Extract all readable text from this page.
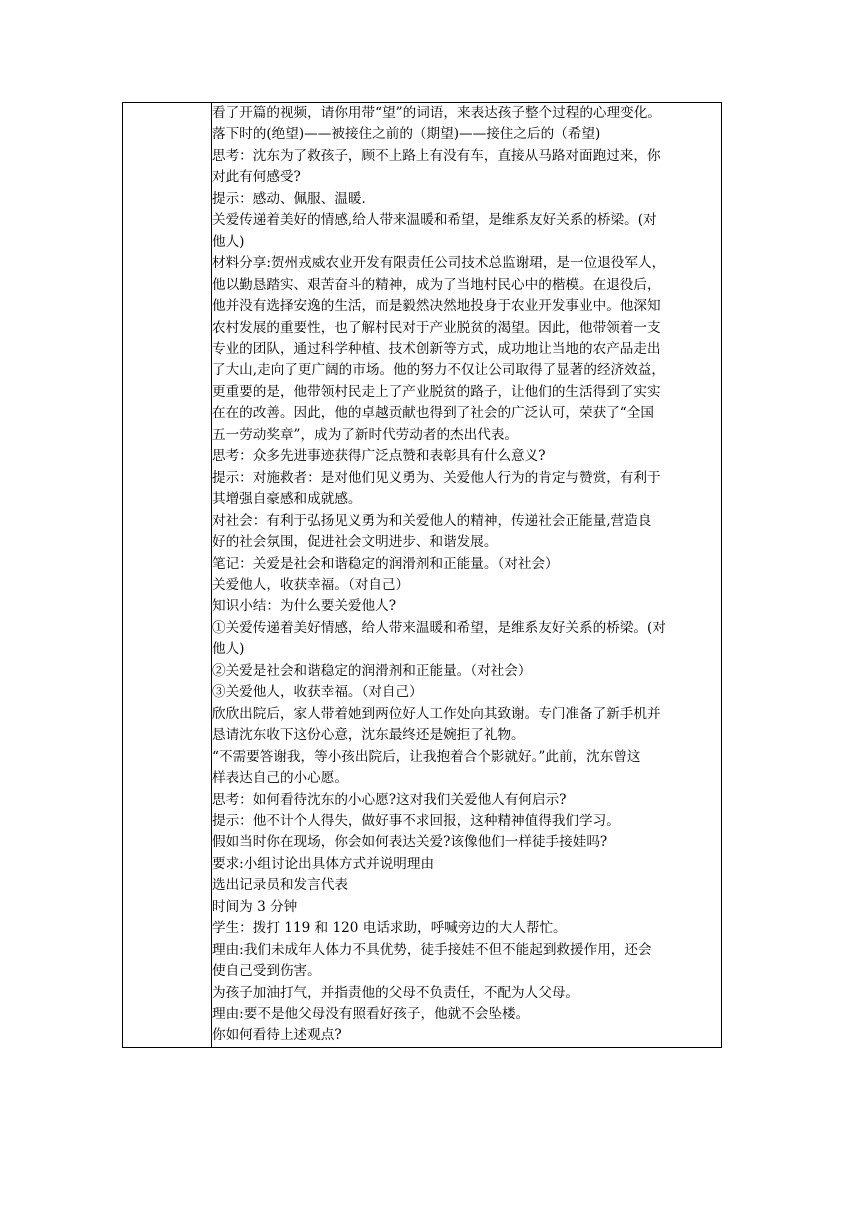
看了开篇的视频，请你用带“望”的词语，来表达孩子整个过程的心理变化。
落下时的(绝望)——被接住之前的（期望)——接住之后的（希望)
思考：沈东为了救孩子，顾不上路上有没有车，直接从马路对面跑过来，你
对此有何感受?
提示：感动、佩服、温暖.
关爱传递着美好的情感,给人带来温暖和希望，是维系友好关系的桥梁。(对
他人)
材料分享:贺州戎威农业开发有限责任公司技术总监谢珺，是一位退役军人，
他以勤恳踏实、艰苦奋斗的精神，成为了当地村民心中的楷模。在退役后，
他并没有选择安逸的生活，而是毅然决然地投身于农业开发事业中。他深知
农村发展的重要性，也了解村民对于产业脱贫的渴望。因此，他带领着一支
专业的团队，通过科学种植、技术创新等方式，成功地让当地的农产品走出
了大山,走向了更广阔的市场。他的努力不仅让公司取得了显著的经济效益，
更重要的是，他带领村民走上了产业脱贫的路子，让他们的生活得到了实实
在在的改善。因此，他的卓越贡献也得到了社会的广泛认可，荣获了“全国
五一劳动奖章”，成为了新时代劳动者的杰出代表。
思考：众多先进事迹获得广泛点赞和表彰具有什么意义?
提示：对施救者：是对他们见义勇为、关爱他人行为的肯定与赞赏，有利于
其增强自豪感和成就感。
对社会：有利于弘扬见义勇为和关爱他人的精神，传递社会正能量,营造良
好的社会氛围，促进社会文明进步、和谐发展。
笔记：关爱是社会和谐稳定的润滑剂和正能量。（对社会）
关爱他人，收获幸福。（对自己）
知识小结：为什么要关爱他人?
①关爱传递着美好情感，给人带来温暖和希望，是维系友好关系的桥梁。(对
他人)
②关爱是社会和谐稳定的润滑剂和正能量。（对社会）
③关爱他人，收获幸福。（对自己）
欣欣出院后，家人带着她到两位好人工作处向其致谢。专门准备了新手机并
恳请沈东收下这份心意，沈东最终还是婉拒了礼物。
“不需要答谢我，等小孩出院后，让我抱着合个影就好。”此前，沈东曾这
样表达自己的小心愿。
思考：如何看待沈东的小心愿?这对我们关爱他人有何启示?
提示：他不计个人得失，做好事不求回报，这种精神值得我们学习。
假如当时你在现场，你会如何表达关爱?该像他们一样徒手接娃吗?
要求:小组讨论出具体方式并说明理由
选出记录员和发言代表
时间为 3 分钟
学生：拨打 119 和 120 电话求助，呼喊旁边的大人帮忙。
理由:我们未成年人体力不具优势，徒手接娃不但不能起到救援作用，还会
使自己受到伤害。
为孩子加油打气，并指责他的父母不负责任，不配为人父母。
理由:要不是他父母没有照看好孩子，他就不会坠楼。
你如何看待上述观点?
